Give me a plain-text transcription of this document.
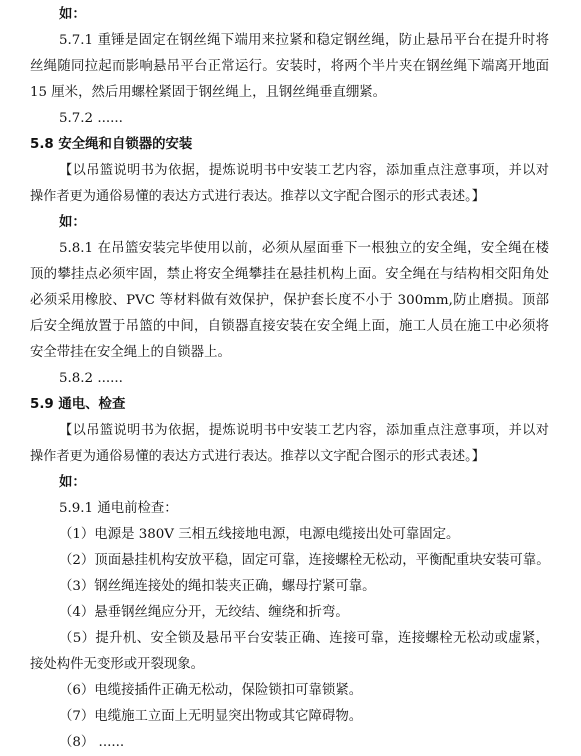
如：
5.7.1 重锤是固定在钢丝绳下端用来拉紧和稳定钢丝绳，防止悬吊平台在提升时将
丝绳随同拉起而影响悬吊平台正常运行。安装时，将两个半片夹在钢丝绳下端离开地面
15 厘米，然后用螺栓紧固于钢丝绳上，且钢丝绳垂直绷紧。
5.7.2 ......
5.8 安全绳和自锁器的安装
【以吊篮说明书为依据，提炼说明书中安装工艺内容，添加重点注意事项，并以对
操作者更为通俗易懂的表达方式进行表达。推荐以文字配合图示的形式表述。】
如：
5.8.1 在吊篮安装完毕使用以前，必须从屋面垂下一根独立的安全绳，安全绳在楼
顶的攀挂点必须牢固，禁止将安全绳攀挂在悬挂机构上面。安全绳在与结构相交阳角处
必须采用橡胶、PVC 等材料做有效保护，保护套长度不小于 300mm,防止磨损。顶部
后安全绳放置于吊篮的中间，自锁器直接安装在安全绳上面，施工人员在施工中必须将
安全带挂在安全绳上的自锁器上。
5.8.2 ......
5.9 通电、检查
【以吊篮说明书为依据，提炼说明书中安装工艺内容，添加重点注意事项，并以对
操作者更为通俗易懂的表达方式进行表达。推荐以文字配合图示的形式表述。】
如：
5.9.1 通电前检查：
（1）电源是 380V 三相五线接地电源，电源电缆接出处可靠固定。
（2）顶面悬挂机构安放平稳，固定可靠，连接螺栓无松动，平衡配重块安装可靠。
（3）钢丝绳连接处的绳扣装夹正确，螺母拧紧可靠。
（4）悬垂钢丝绳应分开，无绞结、缠绕和折弯。
（5）提升机、安全锁及悬吊平台安装正确、连接可靠，连接螺栓无松动或虚紧，
接处构件无变形或开裂现象。
（6）电缆接插件正确无松动，保险锁扣可靠锁紧。
（7）电缆施工立面上无明显突出物或其它障碍物。
（8） ......
